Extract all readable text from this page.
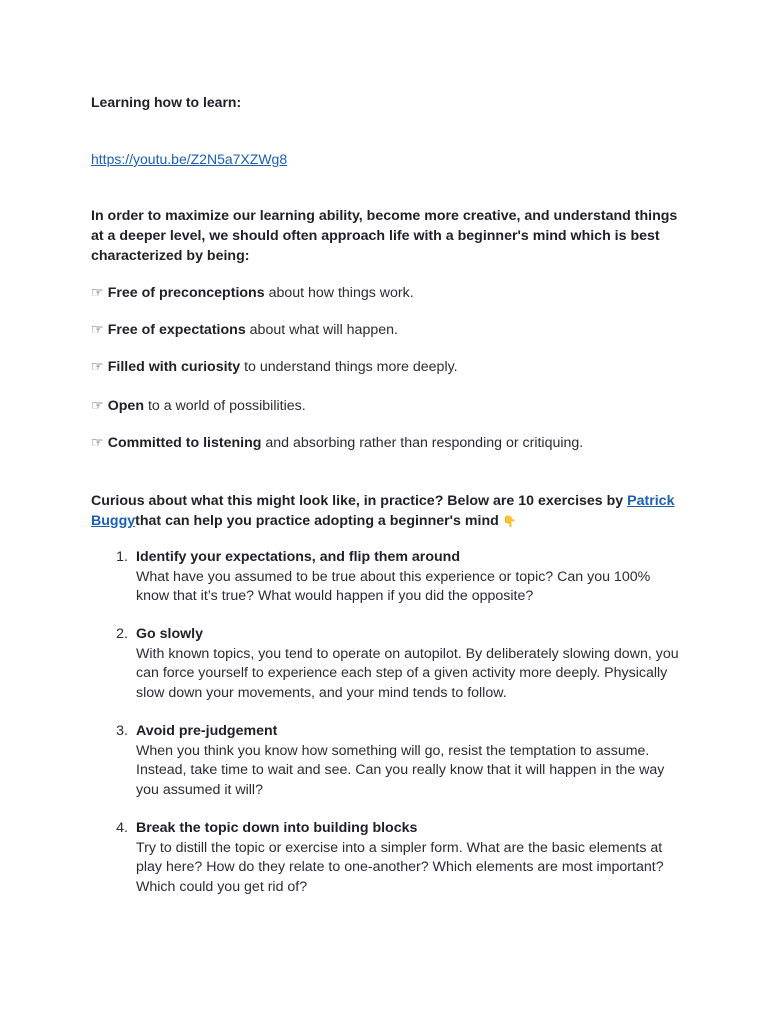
Learning how to learn:
https://youtu.be/Z2N5a7XZWg8
In order to maximize our learning ability, become more creative, and understand things at a deeper level, we should often approach life with a beginner's mind which is best characterized by being:
☞ Free of preconceptions about how things work.
☞ Free of expectations about what will happen.
☞ Filled with curiosity to understand things more deeply.
☞ Open to a world of possibilities.
☞ Committed to listening and absorbing rather than responding or critiquing.
Curious about what this might look like, in practice? Below are 10 exercises by Patrick Buggythat can help you practice adopting a beginner's mind 👇
1. Identify your expectations, and flip them around
What have you assumed to be true about this experience or topic? Can you 100% know that it’s true? What would happen if you did the opposite?
2. Go slowly
With known topics, you tend to operate on autopilot. By deliberately slowing down, you can force yourself to experience each step of a given activity more deeply. Physically slow down your movements, and your mind tends to follow.
3. Avoid pre-judgement
When you think you know how something will go, resist the temptation to assume. Instead, take time to wait and see. Can you really know that it will happen in the way you assumed it will?
4. Break the topic down into building blocks
Try to distill the topic or exercise into a simpler form. What are the basic elements at play here? How do they relate to one-another? Which elements are most important? Which could you get rid of?
